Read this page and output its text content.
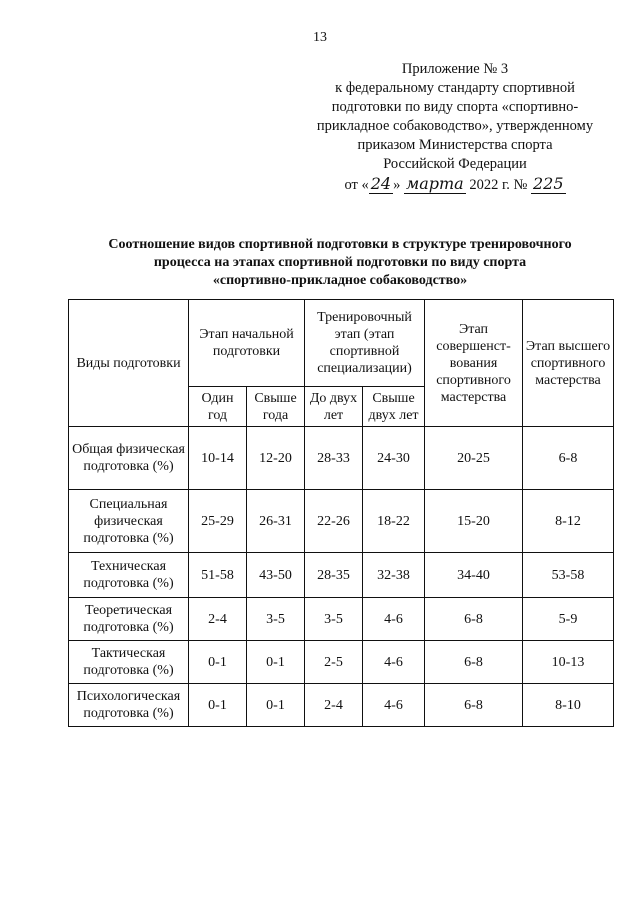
13
Приложение № 3
к федеральному стандарту спортивной
подготовки по виду спорта «спортивно-
прикладное собаководство», утвержденному
приказом Министерства спорта
Российской Федерации
от « 24 » марта 2022 г. № 225
Соотношение видов спортивной подготовки в структуре тренировочного
процесса на этапах спортивной подготовки по виду спорта
«спортивно-прикладное собаководство»
Виды подготовки	Этап начальной подготовки		Тренировочный этап (этап спортивной специализации)		Этап совершенст-вования спортивного мастерства	Этап высшего спортивного мастерства
	Один год	Свыше года	До двух лет	Свыше двух лет		
Общая физическая подготовка (%)	10-14	12-20	28-33	24-30	20-25	6-8
Специальная физическая подготовка (%)	25-29	26-31	22-26	18-22	15-20	8-12
Техническая подготовка (%)	51-58	43-50	28-35	32-38	34-40	53-58
Теоретическая подготовка (%)	2-4	3-5	3-5	4-6	6-8	5-9
Тактическая подготовка (%)	0-1	0-1	2-5	4-6	6-8	10-13
Психологическая подготовка (%)	0-1	0-1	2-4	4-6	6-8	8-10
